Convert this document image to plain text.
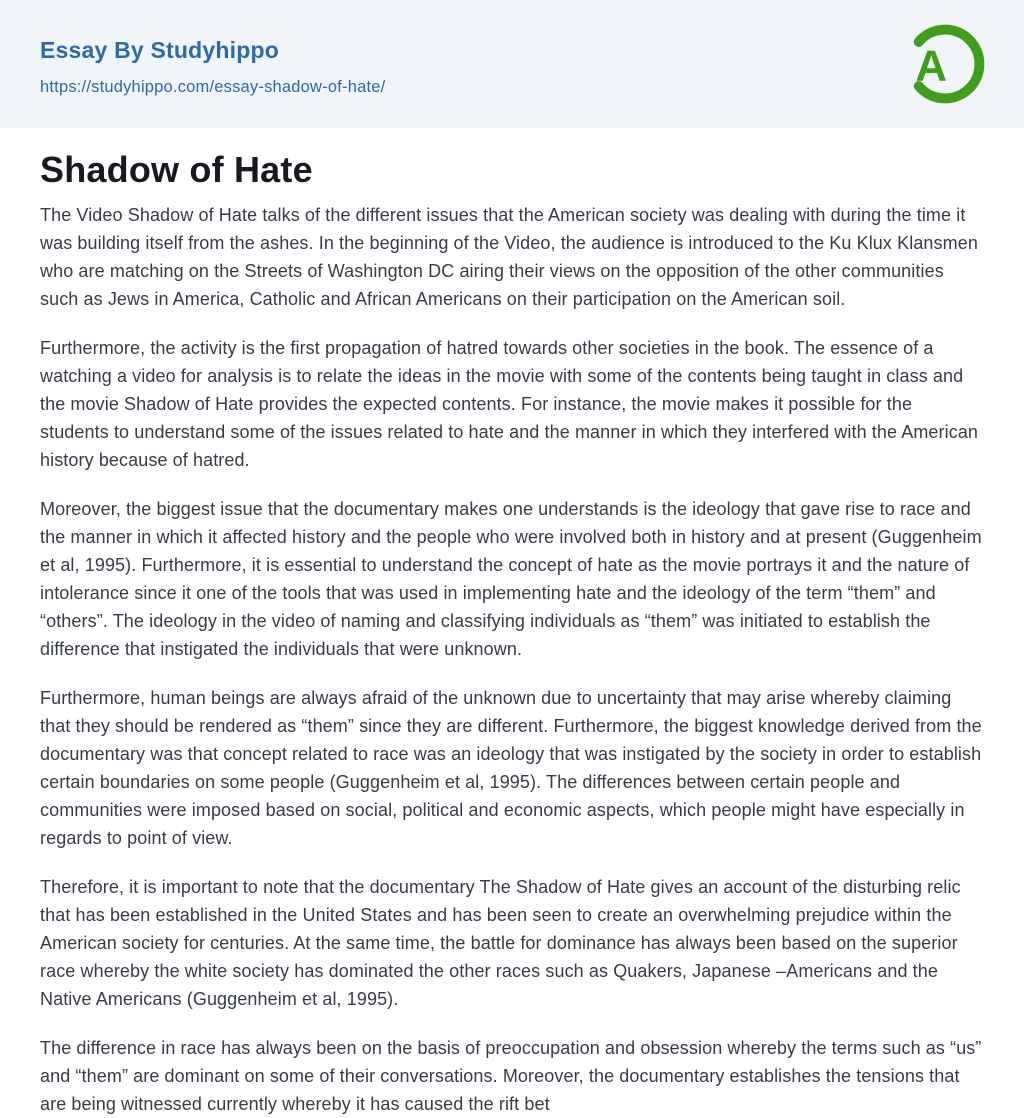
Essay By Studyhippo
https://studyhippo.com/essay-shadow-of-hate/	A
Shadow of Hate

The Video Shadow of Hate talks of the different issues that the American society was dealing with during the time it was building itself from the ashes. In the beginning of the Video, the audience is introduced to the Ku Klux Klansmen who are matching on the Streets of Washington DC airing their views on the opposition of the other communities such as Jews in America, Catholic and African Americans on their participation on the American soil.

Furthermore, the activity is the first propagation of hatred towards other societies in the book. The essence of a watching a video for analysis is to relate the ideas in the movie with some of the contents being taught in class and the movie Shadow of Hate provides the expected contents. For instance, the movie makes it possible for the students to understand some of the issues related to hate and the manner in which they interfered with the American history because of hatred.

Moreover, the biggest issue that the documentary makes one understands is the ideology that gave rise to race and the manner in which it affected history and the people who were involved both in history and at present (Guggenheim et al, 1995). Furthermore, it is essential to understand the concept of hate as the movie portrays it and the nature of intolerance since it one of the tools that was used in implementing hate and the ideology of the term “them” and “others”. The ideology in the video of naming and classifying individuals as “them” was initiated to establish the difference that instigated the individuals that were unknown.

Furthermore, human beings are always afraid of the unknown due to uncertainty that may arise whereby claiming that they should be rendered as “them” since they are different. Furthermore, the biggest knowledge derived from the documentary was that concept related to race was an ideology that was instigated by the society in order to establish certain boundaries on some people (Guggenheim et al, 1995). The differences between certain people and communities were imposed based on social, political and economic aspects, which people might have especially in regards to point of view.

Therefore, it is important to note that the documentary The Shadow of Hate gives an account of the disturbing relic that has been established in the United States and has been seen to create an overwhelming prejudice within the American society for centuries. At the same time, the battle for dominance has always been based on the superior race whereby the white society has dominated the other races such as Quakers, Japanese –Americans and the Native Americans (Guggenheim et al, 1995).

The difference in race has always been on the basis of preoccupation and obsession whereby the terms such as “us” and “them” are dominant on some of their conversations. Moreover, the documentary establishes the tensions that are being witnessed currently whereby it has caused the rift bet
